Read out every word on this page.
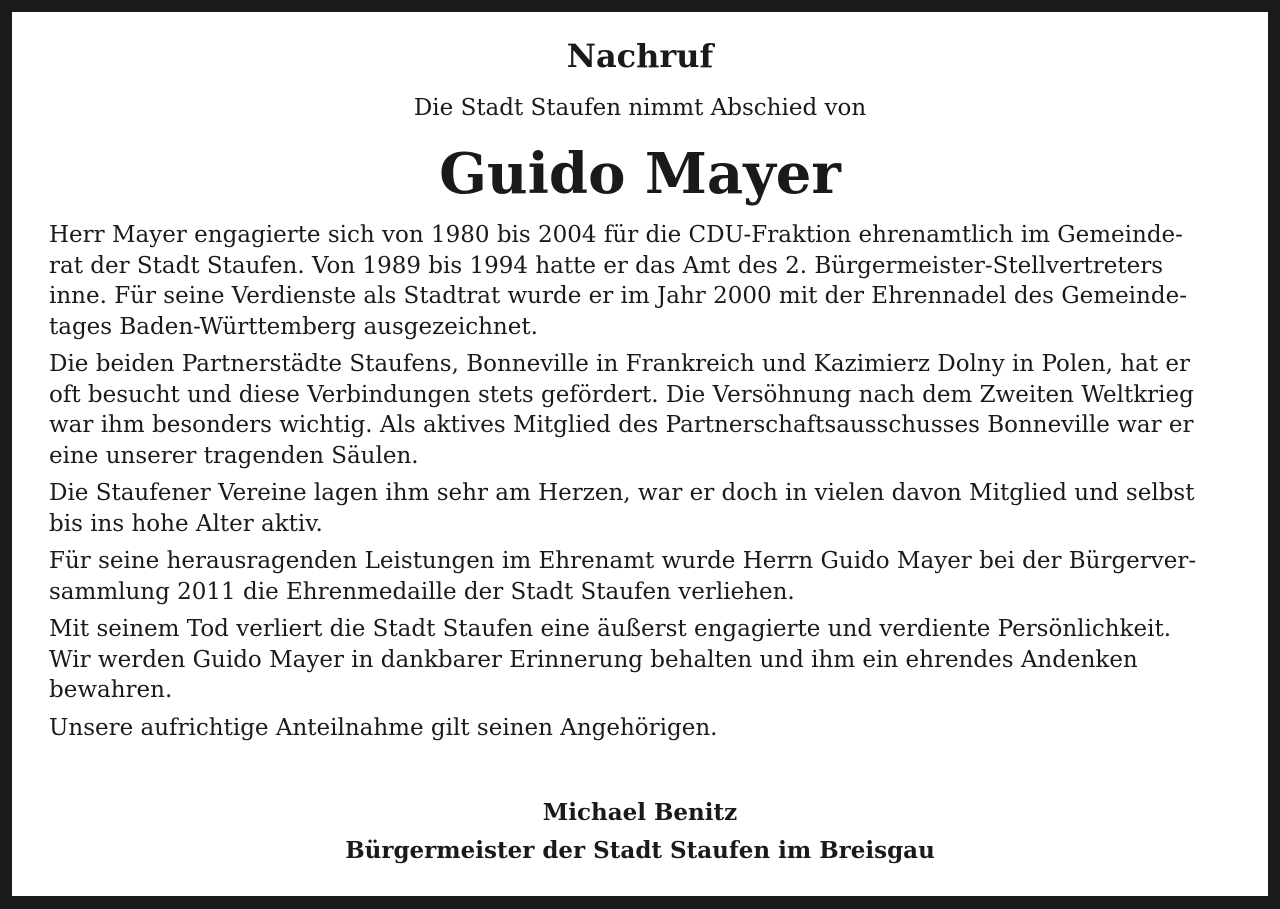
Nachruf
Die Stadt Staufen nimmt Abschied von
Guido Mayer

Herr Mayer engagierte sich von 1980 bis 2004 für die CDU-Fraktion ehrenamtlich im Gemeinde-
rat der Stadt Staufen. Von 1989 bis 1994 hatte er das Amt des 2. Bürgermeister-Stellvertreters
inne. Für seine Verdienste als Stadtrat wurde er im Jahr 2000 mit der Ehrennadel des Gemeinde-
tages Baden-Württemberg ausgezeichnet.

Die beiden Partnerstädte Staufens, Bonneville in Frankreich und Kazimierz Dolny in Polen, hat er
oft besucht und diese Verbindungen stets gefördert. Die Versöhnung nach dem Zweiten Weltkrieg
war ihm besonders wichtig. Als aktives Mitglied des Partnerschaftsausschusses Bonneville war er
eine unserer tragenden Säulen.

Die Staufener Vereine lagen ihm sehr am Herzen, war er doch in vielen davon Mitglied und selbst
bis ins hohe Alter aktiv.

Für seine herausragenden Leistungen im Ehrenamt wurde Herrn Guido Mayer bei der Bürgerver-
sammlung 2011 die Ehrenmedaille der Stadt Staufen verliehen.

Mit seinem Tod verliert die Stadt Staufen eine äußerst engagierte und verdiente Persönlichkeit.
Wir werden Guido Mayer in dankbarer Erinnerung behalten und ihm ein ehrendes Andenken
bewahren.

Unsere aufrichtige Anteilnahme gilt seinen Angehörigen.

Michael Benitz
Bürgermeister der Stadt Staufen im Breisgau
